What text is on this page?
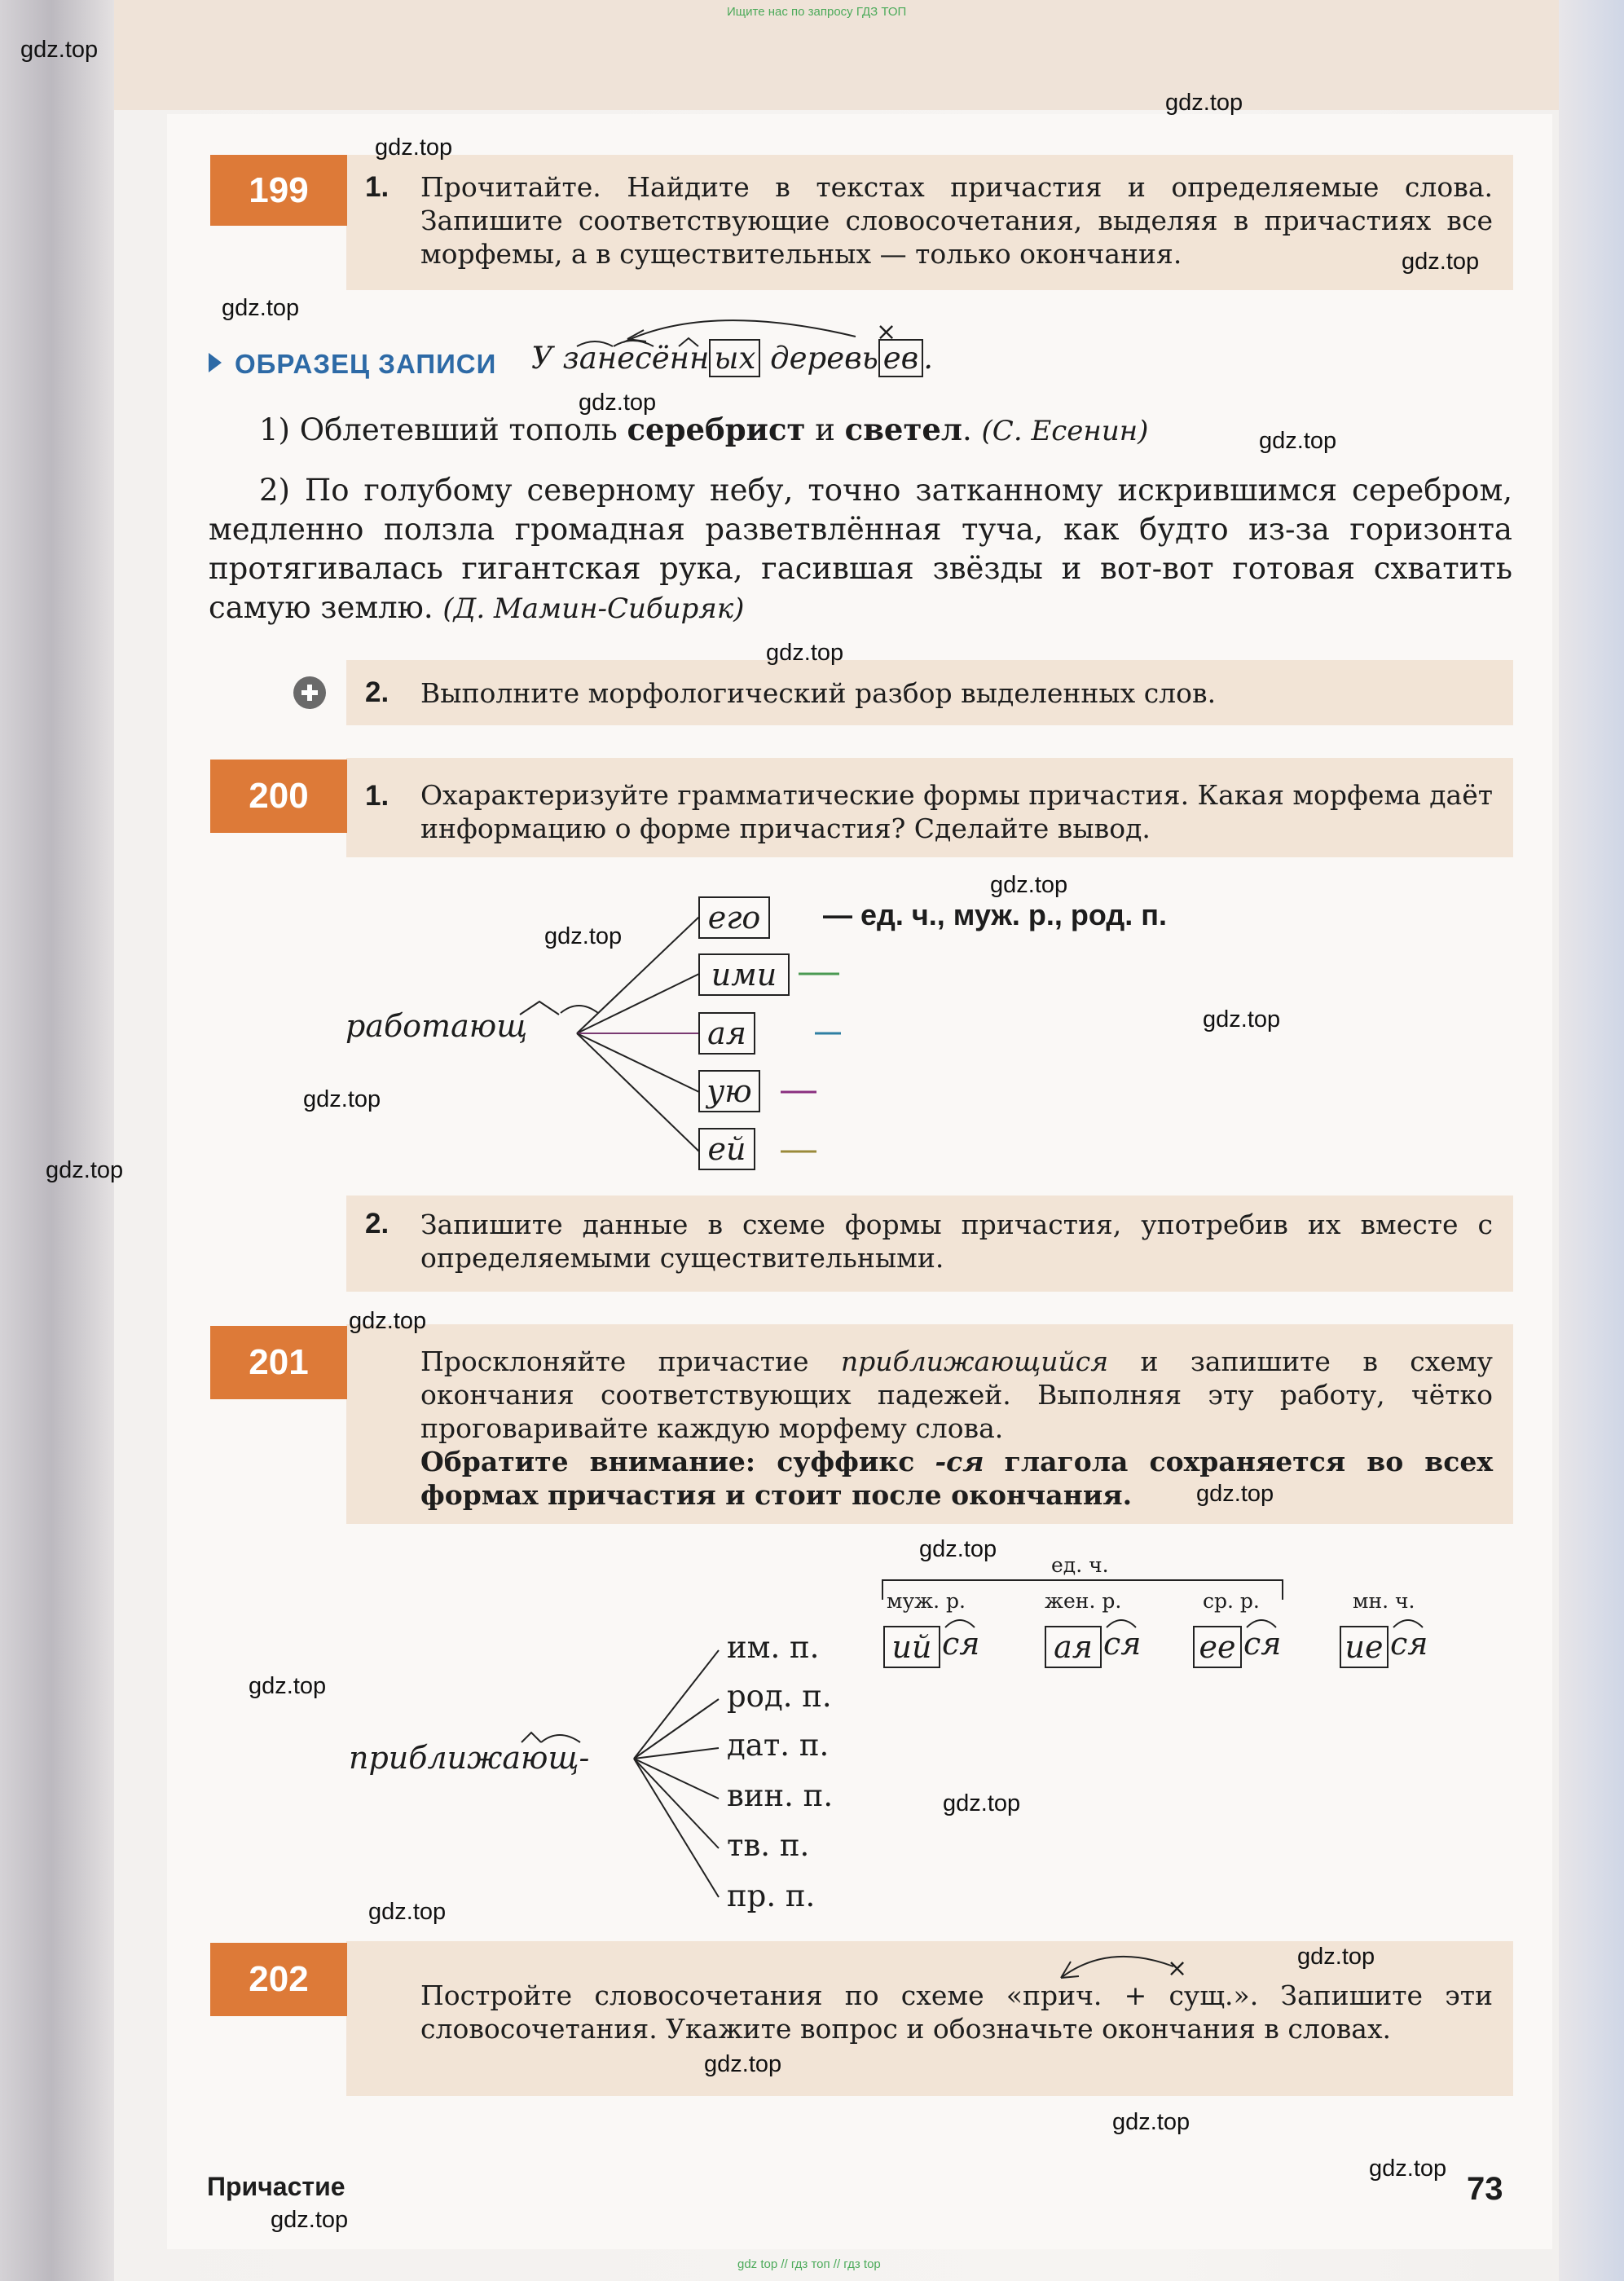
Ищите нас по запросу ГДЗ ТОП
gdz top // гдз топ // гдз top
199	1. Прочитайте. Найдите в текстах причастия и определяемые слова. Запишите соответствующие словосочетания, выделяя в причастиях все морфемы, а в существительных — только окончания.
ОБРАЗЕЦ ЗАПИСИ У занесённ ых деревь ев .
×
1) Облетевший тополь серебрист и светел. (С. Есенин)

2) По голубому северному небу, точно затканному искрившимся серебром, медленно ползла громадная разветвлённая туча, как будто из-за горизонта протягивалась гигантская рука, гасившая звёзды и вот-вот готовая схватить самую землю. (Д. Мамин-Сибиряк)

2. Выполните морфологический разбор выделенных слов.
200	1. Охарактеризуйте грамматические формы причастия. Какая морфема даёт информацию о форме причастия? Сделайте вывод.
работающ
его
ими
ая
ую
ей
— ед. ч., муж. р., род. п.
2. Запишите данные в схеме формы причастия, употребив их вместе с определяемыми существительными.
201	Просклоняйте причастие приближающийся и запишите в схему окончания соответствующих падежей. Выполняя эту работу, чётко проговаривайте каждую морфему слова.
Обратите внимание: суффикс -ся глагола сохраняется во всех формах причастия и стоит после окончания.
ед. ч.
муж. р.	жен. р.	ср. р.	мн. ч.
ий ся ая ся ее ся ие ся
им. п.
род. п.
дат. п.
вин. п.
тв. п.
пр. п.
приближающ-
202	×
Постройте словосочетания по схеме «прич. + сущ.». Запишите эти словосочетания. Укажите вопрос и обозначьте окончания в словах.
Причастие	73
gdz.top
gdz.top
gdz.top
gdz.top
gdz.top
gdz.top
gdz.top
gdz.top
gdz.top
gdz.top
gdz.top
gdz.top
gdz.top
gdz.top
gdz.top
gdz.top
gdz.top
gdz.top
gdz.top
gdz.top
gdz.top
gdz.top
gdz.top
gdz.top
